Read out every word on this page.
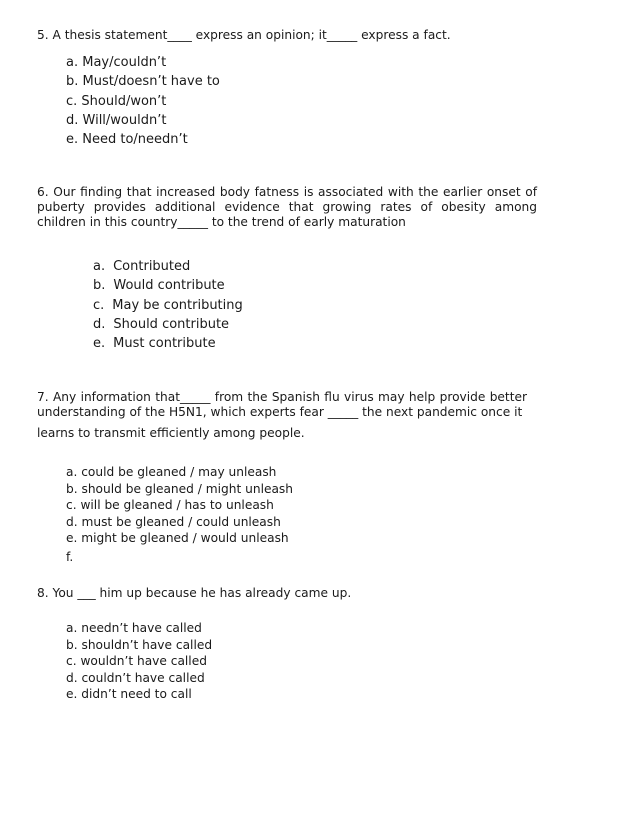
5. A thesis statement____ express an opinion; it_____ express a fact.
a. May/couldn’t
b. Must/doesn’t have to
c. Should/won’t
d. Will/wouldn’t
e. Need to/needn’t
6. Our finding that increased body fatness is associated with the earlier onset of puberty provides additional evidence that growing rates of obesity among children in this country_____ to the trend of early maturation
a. Contributed
b. Would contribute
c. May be contributing
d. Should contribute
e. Must contribute
7. Any information that_____ from the Spanish flu virus may help provide better understanding of the H5N1, which experts fear _____ the next pandemic once it
learns to transmit efficiently among people.
a. could be gleaned / may unleash
b. should be gleaned / might unleash
c. will be gleaned / has to unleash
d. must be gleaned / could unleash
e. might be gleaned / would unleash
f.
8. You ___ him up because he has already came up.
a. needn’t have called
b. shouldn’t have called
c. wouldn’t have called
d. couldn’t have called
e. didn’t need to call
